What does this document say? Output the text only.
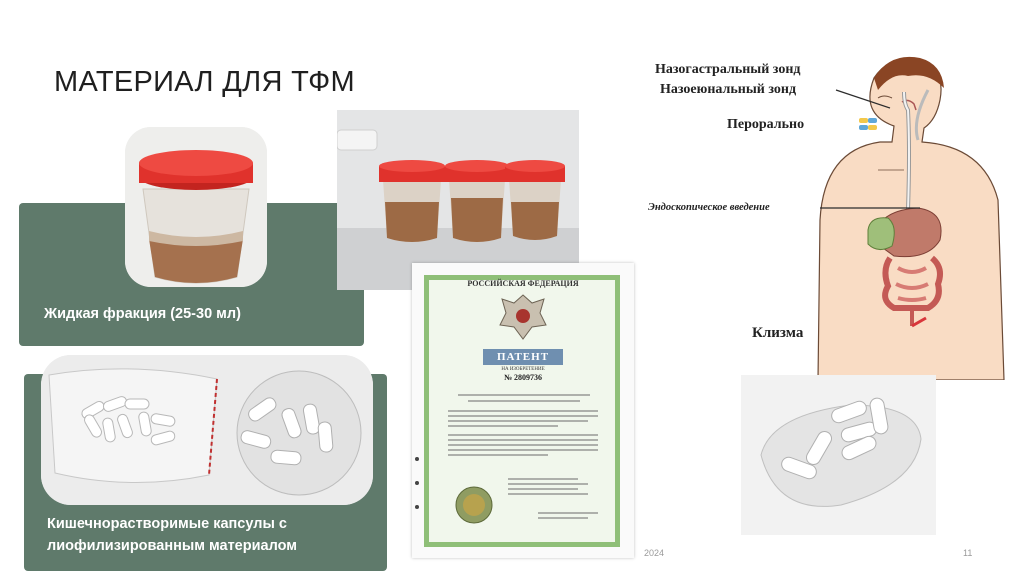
МАТЕРИАЛ ДЛЯ ТФМ
Жидкая фракция (25-30 мл)
Кишечнорастворимые капсулы с
лиофилизированным материалом
РОССИЙСКАЯ ФЕДЕРАЦИЯ
ПАТЕНТ
НА ИЗОБРЕТЕНИЕ
№ 2809736
Назогастральный зонд
Назоеюнальный зонд
Перорально
Эндоскопическое введение
Клизма
2024	11
